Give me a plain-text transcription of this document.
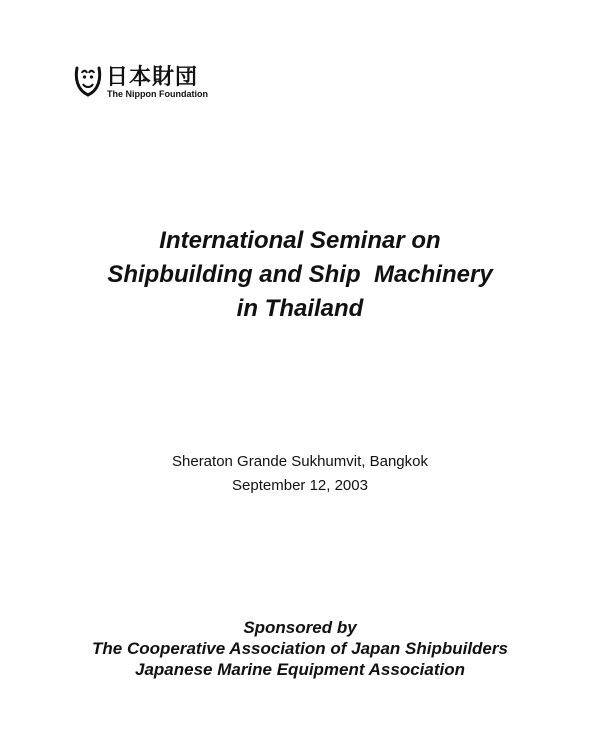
日本財団
The Nippon Foundation
International Seminar on
Shipbuilding and Ship  Machinery
in Thailand
Sheraton Grande Sukhumvit, Bangkok
September 12, 2003
Sponsored by
The Cooperative Association of Japan Shipbuilders
Japanese Marine Equipment Association
